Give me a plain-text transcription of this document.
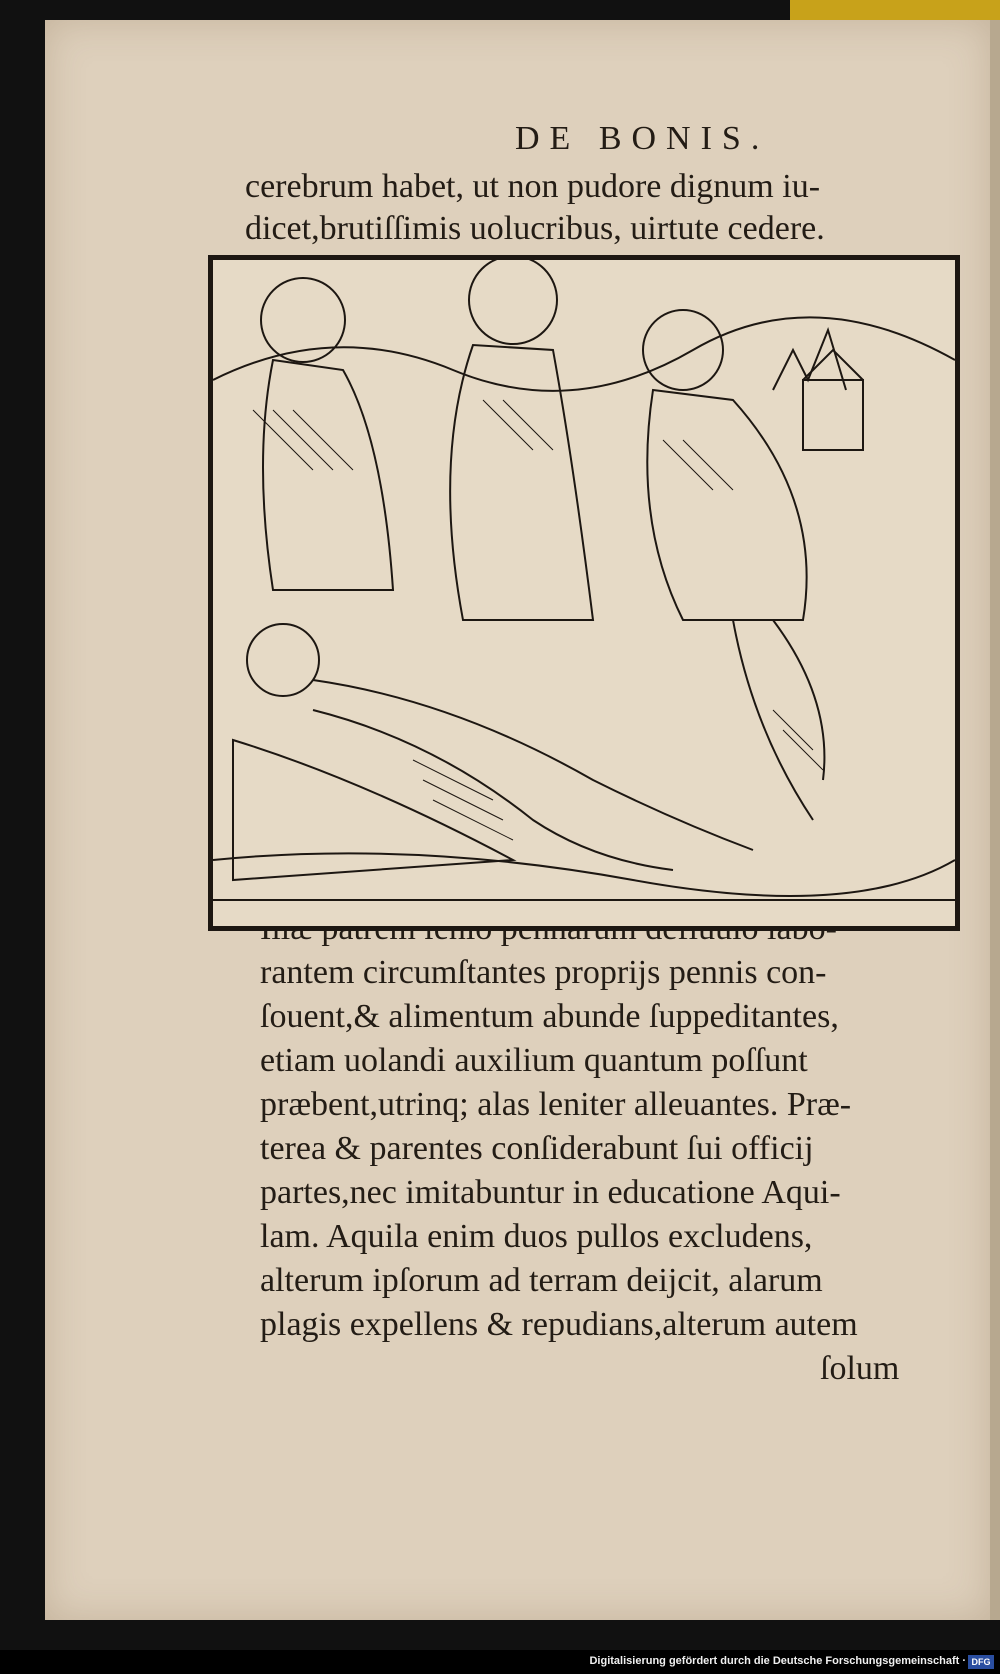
DE BONIS.
cerebrum habet, ut non pudore dignum iu-
dicet,brutiſſimis uolucribus, uirtute cedere.
rantem circumſtantes proprijs pennis con-
ſouent,& alimentum abunde ſuppeditantes,
etiam uolandi auxilium quantum poſſunt
præbent,utrinq; alas leniter alleuantes. Præ-
terea & parentes conſiderabunt ſui officij
partes,nec imitabuntur in educatione Aqui-
lam. Aquila enim duos pullos excludens,
alterum ipſorum ad terram deijcit, alarum
plagis expellens & repudians,alterum autem
ſolum
Digitalisierung gefördert durch die Deutsche Forschungsgemeinschaft · DFG
